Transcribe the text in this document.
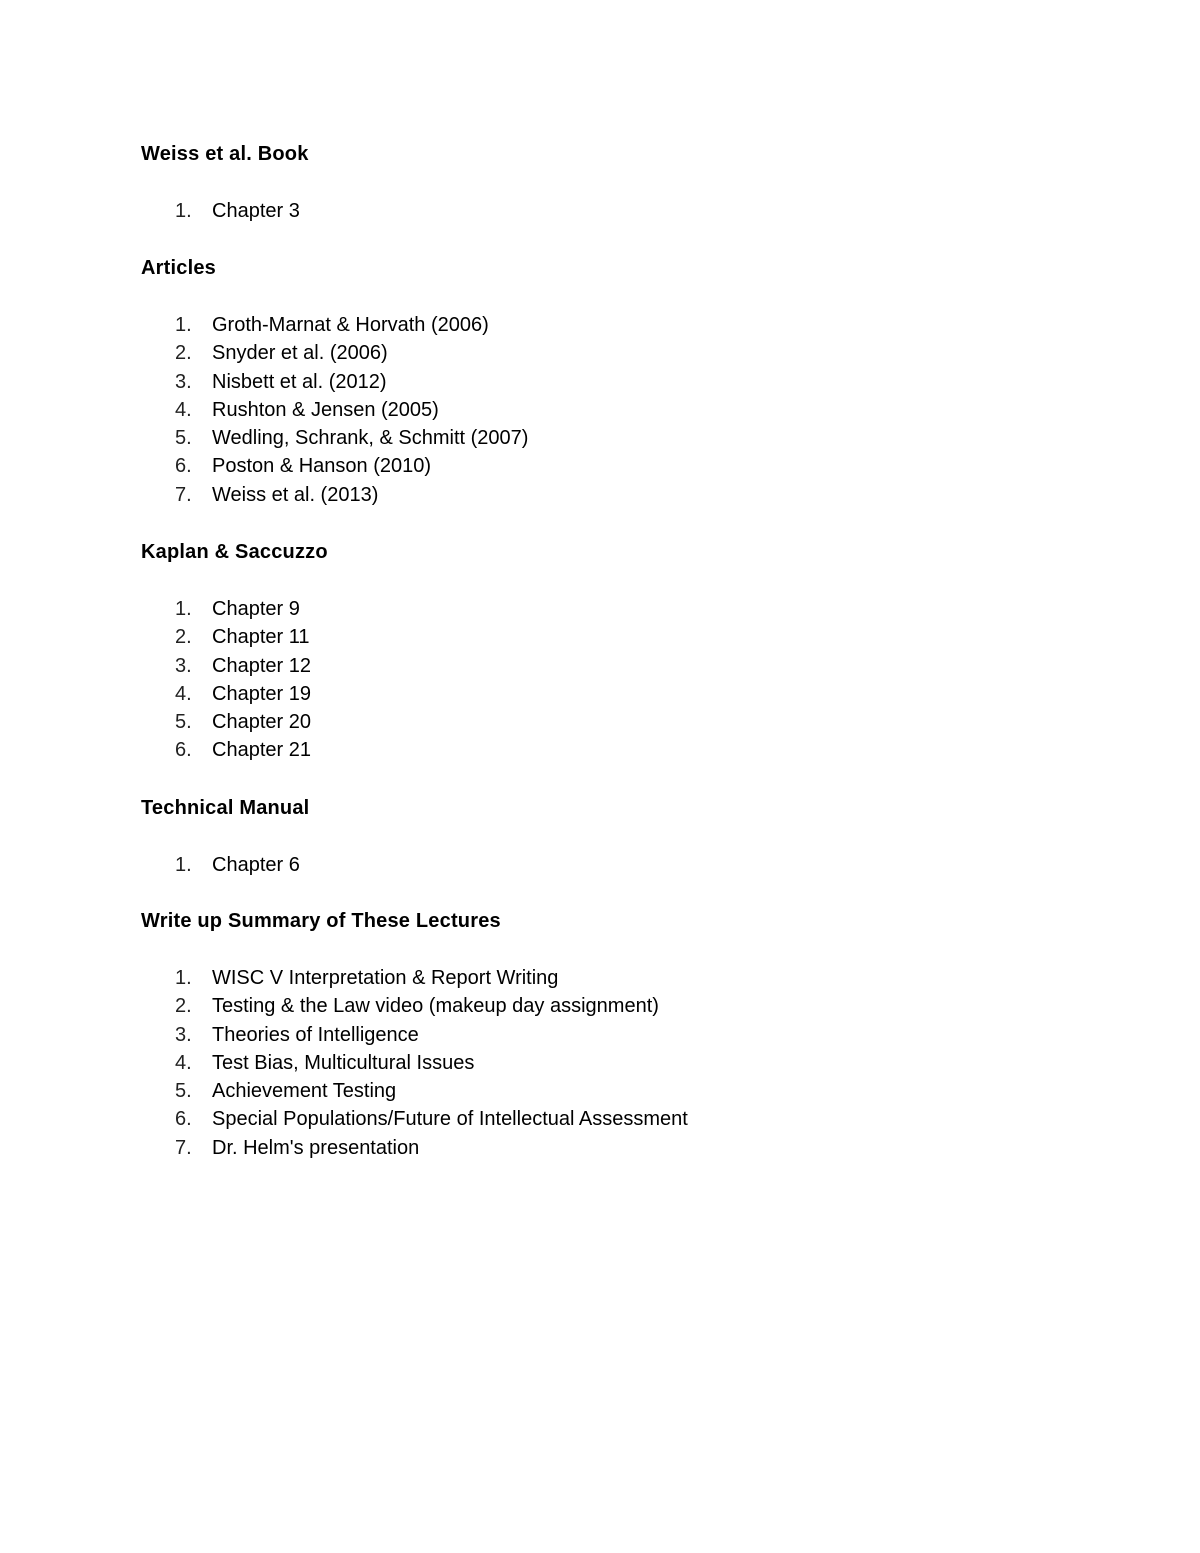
Weiss et al. Book
1.	Chapter 3
Articles
1.	Groth-Marnat & Horvath (2006)
2.	Snyder et al. (2006)
3.	Nisbett et al. (2012)
4.	Rushton & Jensen (2005)
5.	Wedling, Schrank, & Schmitt (2007)
6.	Poston & Hanson (2010)
7.	Weiss et al. (2013)
Kaplan & Saccuzzo
1.	Chapter 9
2.	Chapter 11
3.	Chapter 12
4.	Chapter 19
5.	Chapter 20
6.	Chapter 21
Technical Manual
1.	Chapter 6
Write up Summary of These Lectures
1.	WISC V Interpretation & Report Writing
2.	Testing & the Law video (makeup day assignment)
3.	Theories of Intelligence
4.	Test Bias, Multicultural Issues
5.	Achievement Testing
6.	Special Populations/Future of Intellectual Assessment
7.	Dr. Helm's presentation
